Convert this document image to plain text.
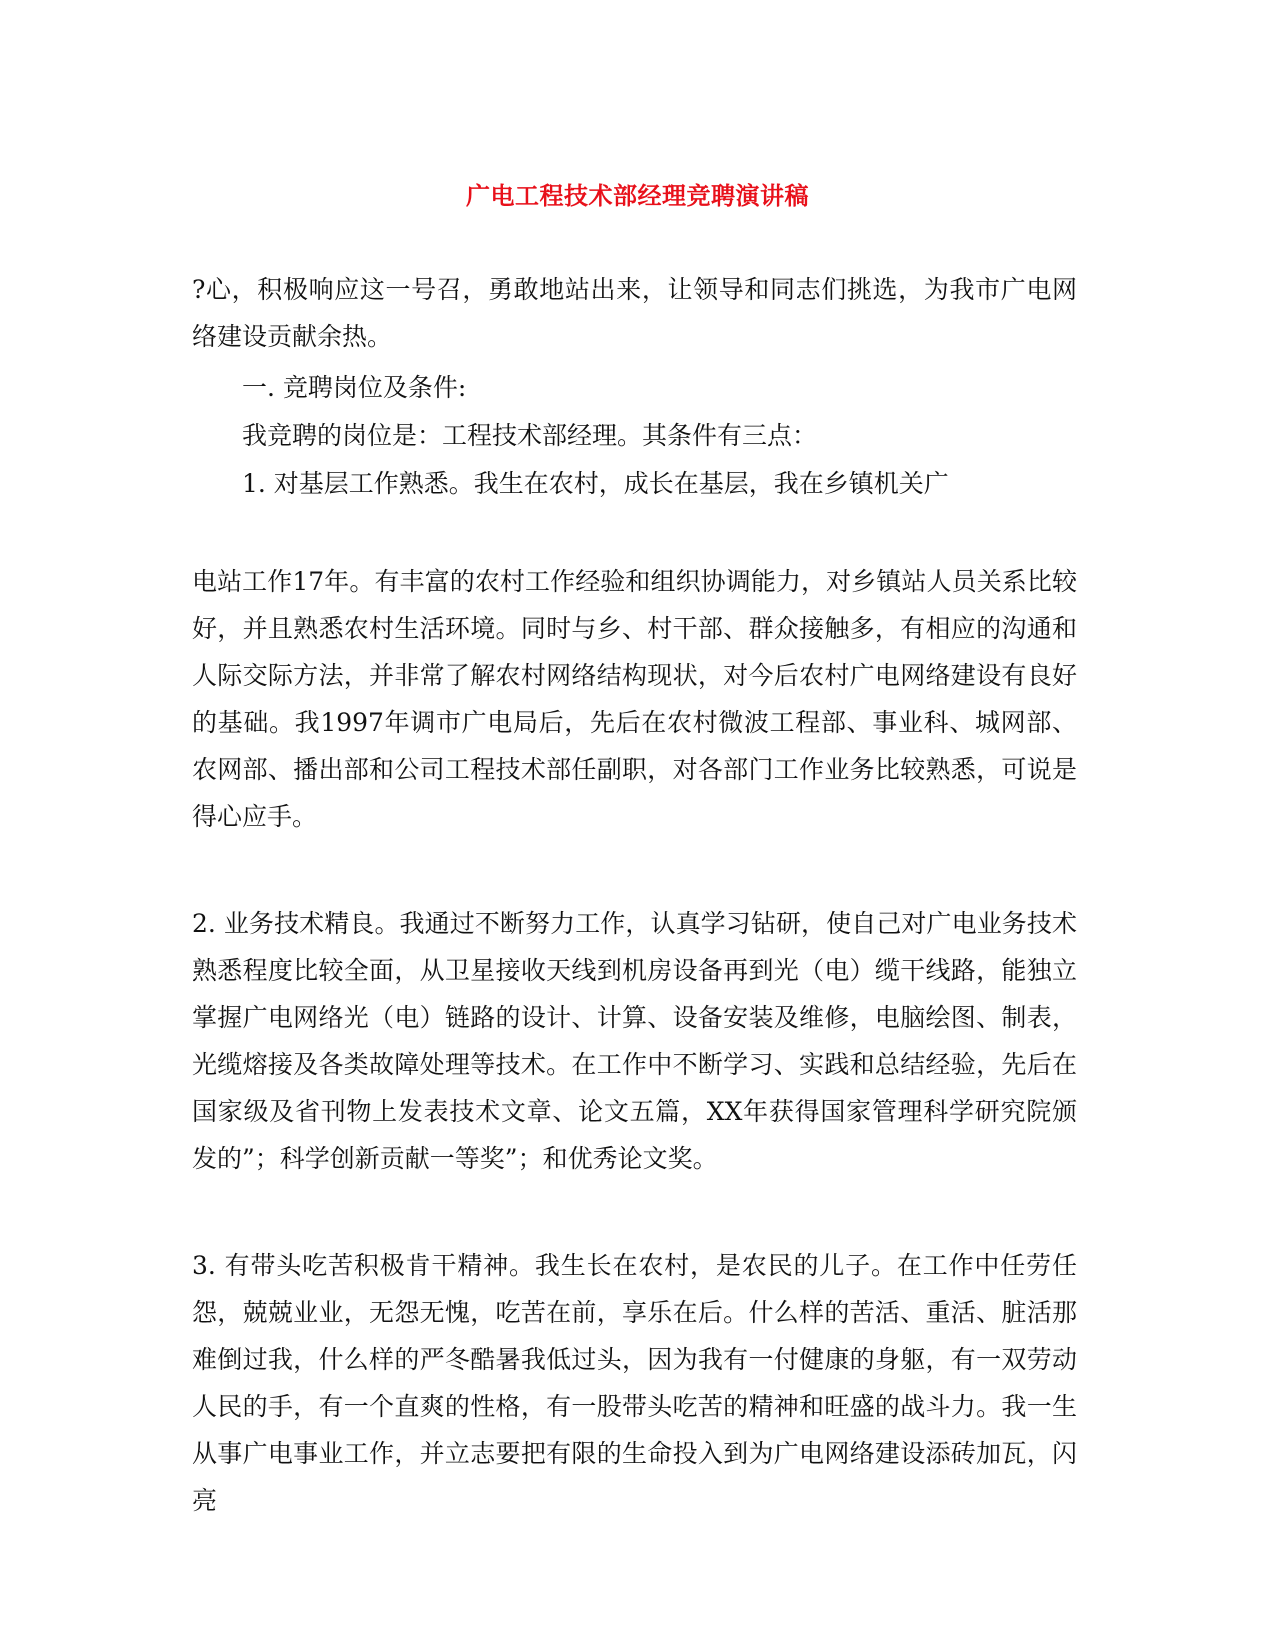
广电工程技术部经理竞聘演讲稿

?心，积极响应这一号召，勇敢地站出来，让领导和同志们挑选，为我市广电网络建设贡献余热。

一. 竞聘岗位及条件:

我竞聘的岗位是：工程技术部经理。其条件有三点：

1. 对基层工作熟悉。我生在农村，成长在基层，我在乡镇机关广

电站工作17年。有丰富的农村工作经验和组织协调能力，对乡镇站人员关系比较好，并且熟悉农村生活环境。同时与乡、村干部、群众接触多，有相应的沟通和人际交际方法，并非常了解农村网络结构现状，对今后农村广电网络建设有良好的基础。我1997年调市广电局后，先后在农村微波工程部、事业科、城网部、农网部、播出部和公司工程技术部任副职，对各部门工作业务比较熟悉，可说是得心应手。

2. 业务技术精良。我通过不断努力工作，认真学习钻研，使自己对广电业务技术熟悉程度比较全面，从卫星接收天线到机房设备再到光（电）缆干线路，能独立掌握广电网络光（电）链路的设计、计算、设备安装及维修，电脑绘图、制表，光缆熔接及各类故障处理等技术。在工作中不断学习、实践和总结经验，先后在国家级及省刊物上发表技术文章、论文五篇，XX年获得国家管理科学研究院颁发的”；科学创新贡献一等奖”；和优秀论文奖。

3. 有带头吃苦积极肯干精神。我生长在农村，是农民的儿子。在工作中任劳任怨，兢兢业业，无怨无愧，吃苦在前，享乐在后。什么样的苦活、重活、脏活那难倒过我，什么样的严冬酷暑我低过头，因为我有一付健康的身躯，有一双劳动人民的手，有一个直爽的性格，有一股带头吃苦的精神和旺盛的战斗力。我一生从事广电事业工作，并立志要把有限的生命投入到为广电网络建设添砖加瓦，闪亮
